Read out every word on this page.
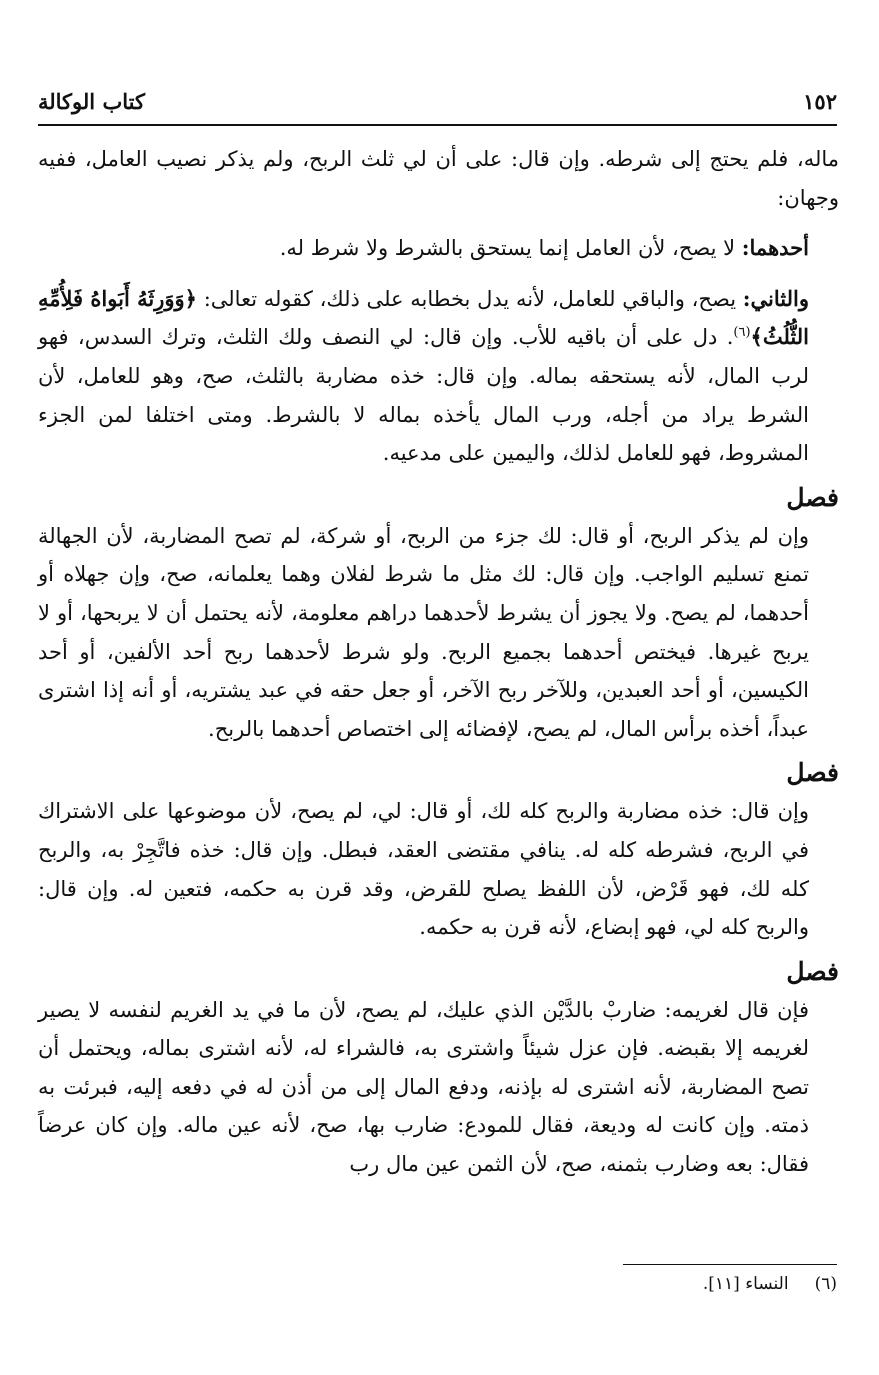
١٥٢
كتاب الوكالة

ماله، فلم يحتج إلى شرطه. وإن قال: على أن لي ثلث الربح، ولم يذكر نصيب العامل، ففيه وجهان:

أحدهما: لا يصح، لأن العامل إنما يستحق بالشرط ولا شرط له.

والثاني: يصح، والباقي للعامل، لأنه يدل بخطابه على ذلك، كقوله تعالى: ﴿وَوَرِثَهُ أَبَواهُ فَلِأُمِّهِ الثُّلُثُ﴾$^{(٦)}$. دل على أن باقيه للأب. وإن قال: لي النصف ولك الثلث، وترك السدس، فهو لرب المال، لأنه يستحقه بماله. وإن قال: خذه مضاربة بالثلث، صح، وهو للعامل، لأن الشرط يراد من أجله، ورب المال يأخذه بماله لا بالشرط. ومتى اختلفا لمن الجزء المشروط، فهو للعامل لذلك، واليمين على مدعيه.

فصل

وإن لم يذكر الربح، أو قال: لك جزء من الربح، أو شركة، لم تصح المضاربة، لأن الجهالة تمنع تسليم الواجب. وإن قال: لك مثل ما شرط لفلان وهما يعلمانه، صح، وإن جهلاه أو أحدهما، لم يصح. ولا يجوز أن يشرط لأحدهما دراهم معلومة، لأنه يحتمل أن لا يربحها، أو لا يربح غيرها. فيختص أحدهما بجميع الربح. ولو شرط لأحدهما ربح أحد الألفين، أو أحد الكيسين، أو أحد العبدين، وللآخر ربح الآخر، أو جعل حقه في عبد يشتريه، أو أنه إذا اشترى عبداً، أخذه برأس المال، لم يصح، لإفضائه إلى اختصاص أحدهما بالربح.

فصل

وإن قال: خذه مضاربة والربح كله لك، أو قال: لي، لم يصح، لأن موضوعها على الاشتراك في الربح، فشرطه كله له. ينافي مقتضى العقد، فبطل. وإن قال: خذه فاتَّجِرْ به، والربح كله لك، فهو قَرْض، لأن اللفظ يصلح للقرض، وقد قرن به حكمه، فتعين له. وإن قال: والربح كله لي، فهو إبضاع، لأنه قرن به حكمه.

فصل

فإن قال لغريمه: ضاربْ بالدَّيْن الذي عليك، لم يصح، لأن ما في يد الغريم لنفسه لا يصير لغريمه إلا بقبضه. فإن عزل شيئاً واشترى به، فالشراء له، لأنه اشترى بماله، ويحتمل أن تصح المضاربة، لأنه اشترى له بإذنه، ودفع المال إلى من أذن له في دفعه إليه، فبرئت به ذمته. وإن كانت له وديعة، فقال للمودع: ضارب بها، صح، لأنه عين ماله. وإن كان عرضاً فقال: بعه وضارب بثمنه، صح، لأن الثمن عين مال رب

(٦)النساء [١١].
